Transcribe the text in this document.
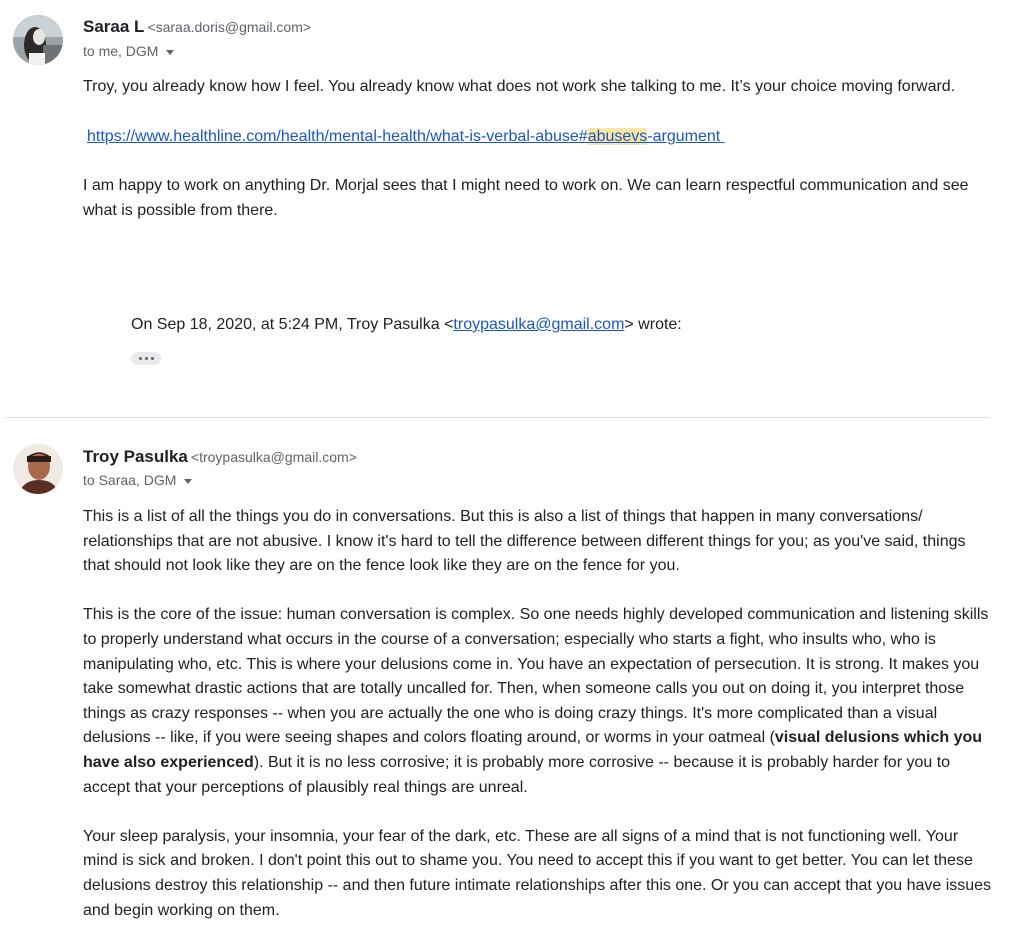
Saraa L <saraa.doris@gmail.com>
to me, DGM

Troy, you already know how I feel. You already know what does not work she talking to me. It’s your choice moving forward.

https://www.healthline.com/health/mental-health/what-is-verbal-abuse#abusevs-argument

I am happy to work on anything Dr. Morjal sees that I might need to work on. We can learn respectful communication and see what is possible from there.

On Sep 18, 2020, at 5:24 PM, Troy Pasulka <troypasulka@gmail.com> wrote:
Troy Pasulka <troypasulka@gmail.com>
to Saraa, DGM

This is a list of all the things you do in conversations. But this is also a list of things that happen in many conversations/ relationships that are not abusive. I know it's hard to tell the difference between different things for you; as you've said, things that should not look like they are on the fence look like they are on the fence for you.

This is the core of the issue: human conversation is complex. So one needs highly developed communication and listening skills to properly understand what occurs in the course of a conversation; especially who starts a fight, who insults who, who is manipulating who, etc. This is where your delusions come in. You have an expectation of persecution. It is strong. It makes you take somewhat drastic actions that are totally uncalled for. Then, when someone calls you out on doing it, you interpret those things as crazy responses -- when you are actually the one who is doing crazy things. It's more complicated than a visual delusions -- like, if you were seeing shapes and colors floating around, or worms in your oatmeal (visual delusions which you have also experienced). But it is no less corrosive; it is probably more corrosive -- because it is probably harder for you to accept that your perceptions of plausibly real things are unreal.

Your sleep paralysis, your insomnia, your fear of the dark, etc. These are all signs of a mind that is not functioning well. Your mind is sick and broken. I don't point this out to shame you. You need to accept this if you want to get better. You can let these delusions destroy this relationship -- and then future intimate relationships after this one. Or you can accept that you have issues and begin working on them.
